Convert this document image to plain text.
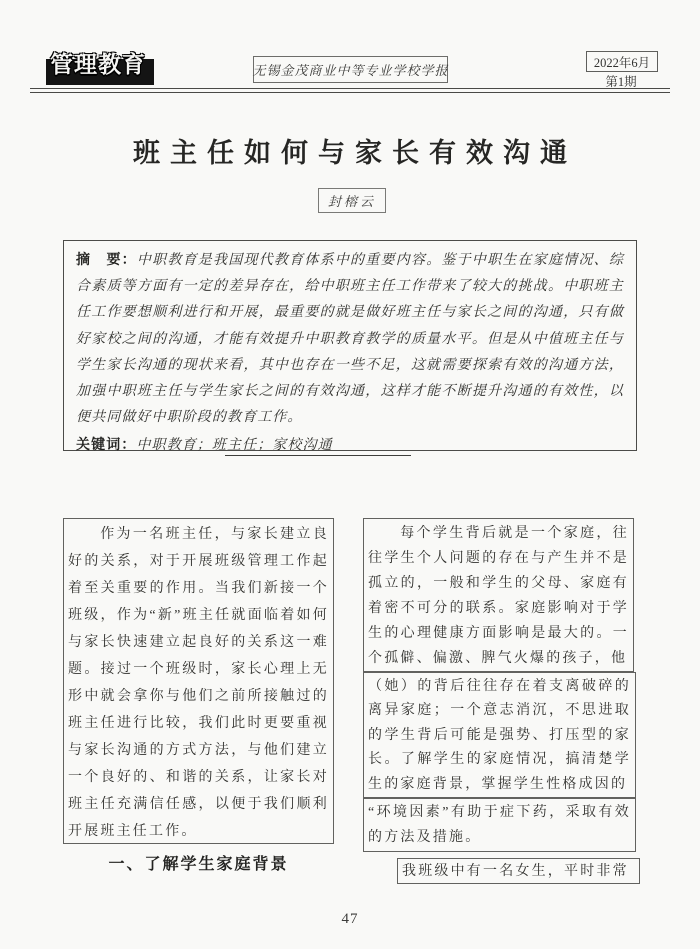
管理教育	无锡金茂商业中等专业学校学报
2022年6月
第1期
班主任如何与家长有效沟通
封榕云
摘　要：中职教育是我国现代教育体系中的重要内容。鉴于中职生在家庭情况、综合素质等方面有一定的差异存在，给中职班主任工作带来了较大的挑战。中职班主任工作要想顺利进行和开展，最重要的就是做好班主任与家长之间的沟通，只有做好家校之间的沟通，才能有效提升中职教育教学的质量水平。但是从中值班主任与学生家长沟通的现状来看，其中也存在一些不足，这就需要探索有效的沟通方法，加强中职班主任与学生家长之间的有效沟通，这样才能不断提升沟通的有效性，以便共同做好中职阶段的教育工作。
关键词：中职教育；班主任；家校沟通
作为一名班主任，与家长建立良好的关系，对于开展班级管理工作起着至关重要的作用。当我们新接一个班级，作为“新”班主任就面临着如何与家长快速建立起良好的关系这一难题。接过一个班级时，家长心理上无形中就会拿你与他们之前所接触过的班主任进行比较，我们此时更要重视与家长沟通的方式方法，与他们建立一个良好的、和谐的关系，让家长对班主任充满信任感，以便于我们顺利开展班主任工作。
一、了解学生家庭背景
每个学生背后就是一个家庭，往往学生个人问题的存在与产生并不是孤立的，一般和学生的父母、家庭有着密不可分的联系。家庭影响对于学生的心理健康方面影响是最大的。一个孤僻、偏激、脾气火爆的孩子，他
（她）的背后往往存在着支离破碎的离异家庭；一个意志消沉，不思进取的学生背后可能是强势、打压型的家长。了解学生的家庭情况，搞清楚学生的家庭背景，掌握学生性格成因的
“环境因素”有助于症下药，采取有效的方法及措施。
我班级中有一名女生，平时非常
47
